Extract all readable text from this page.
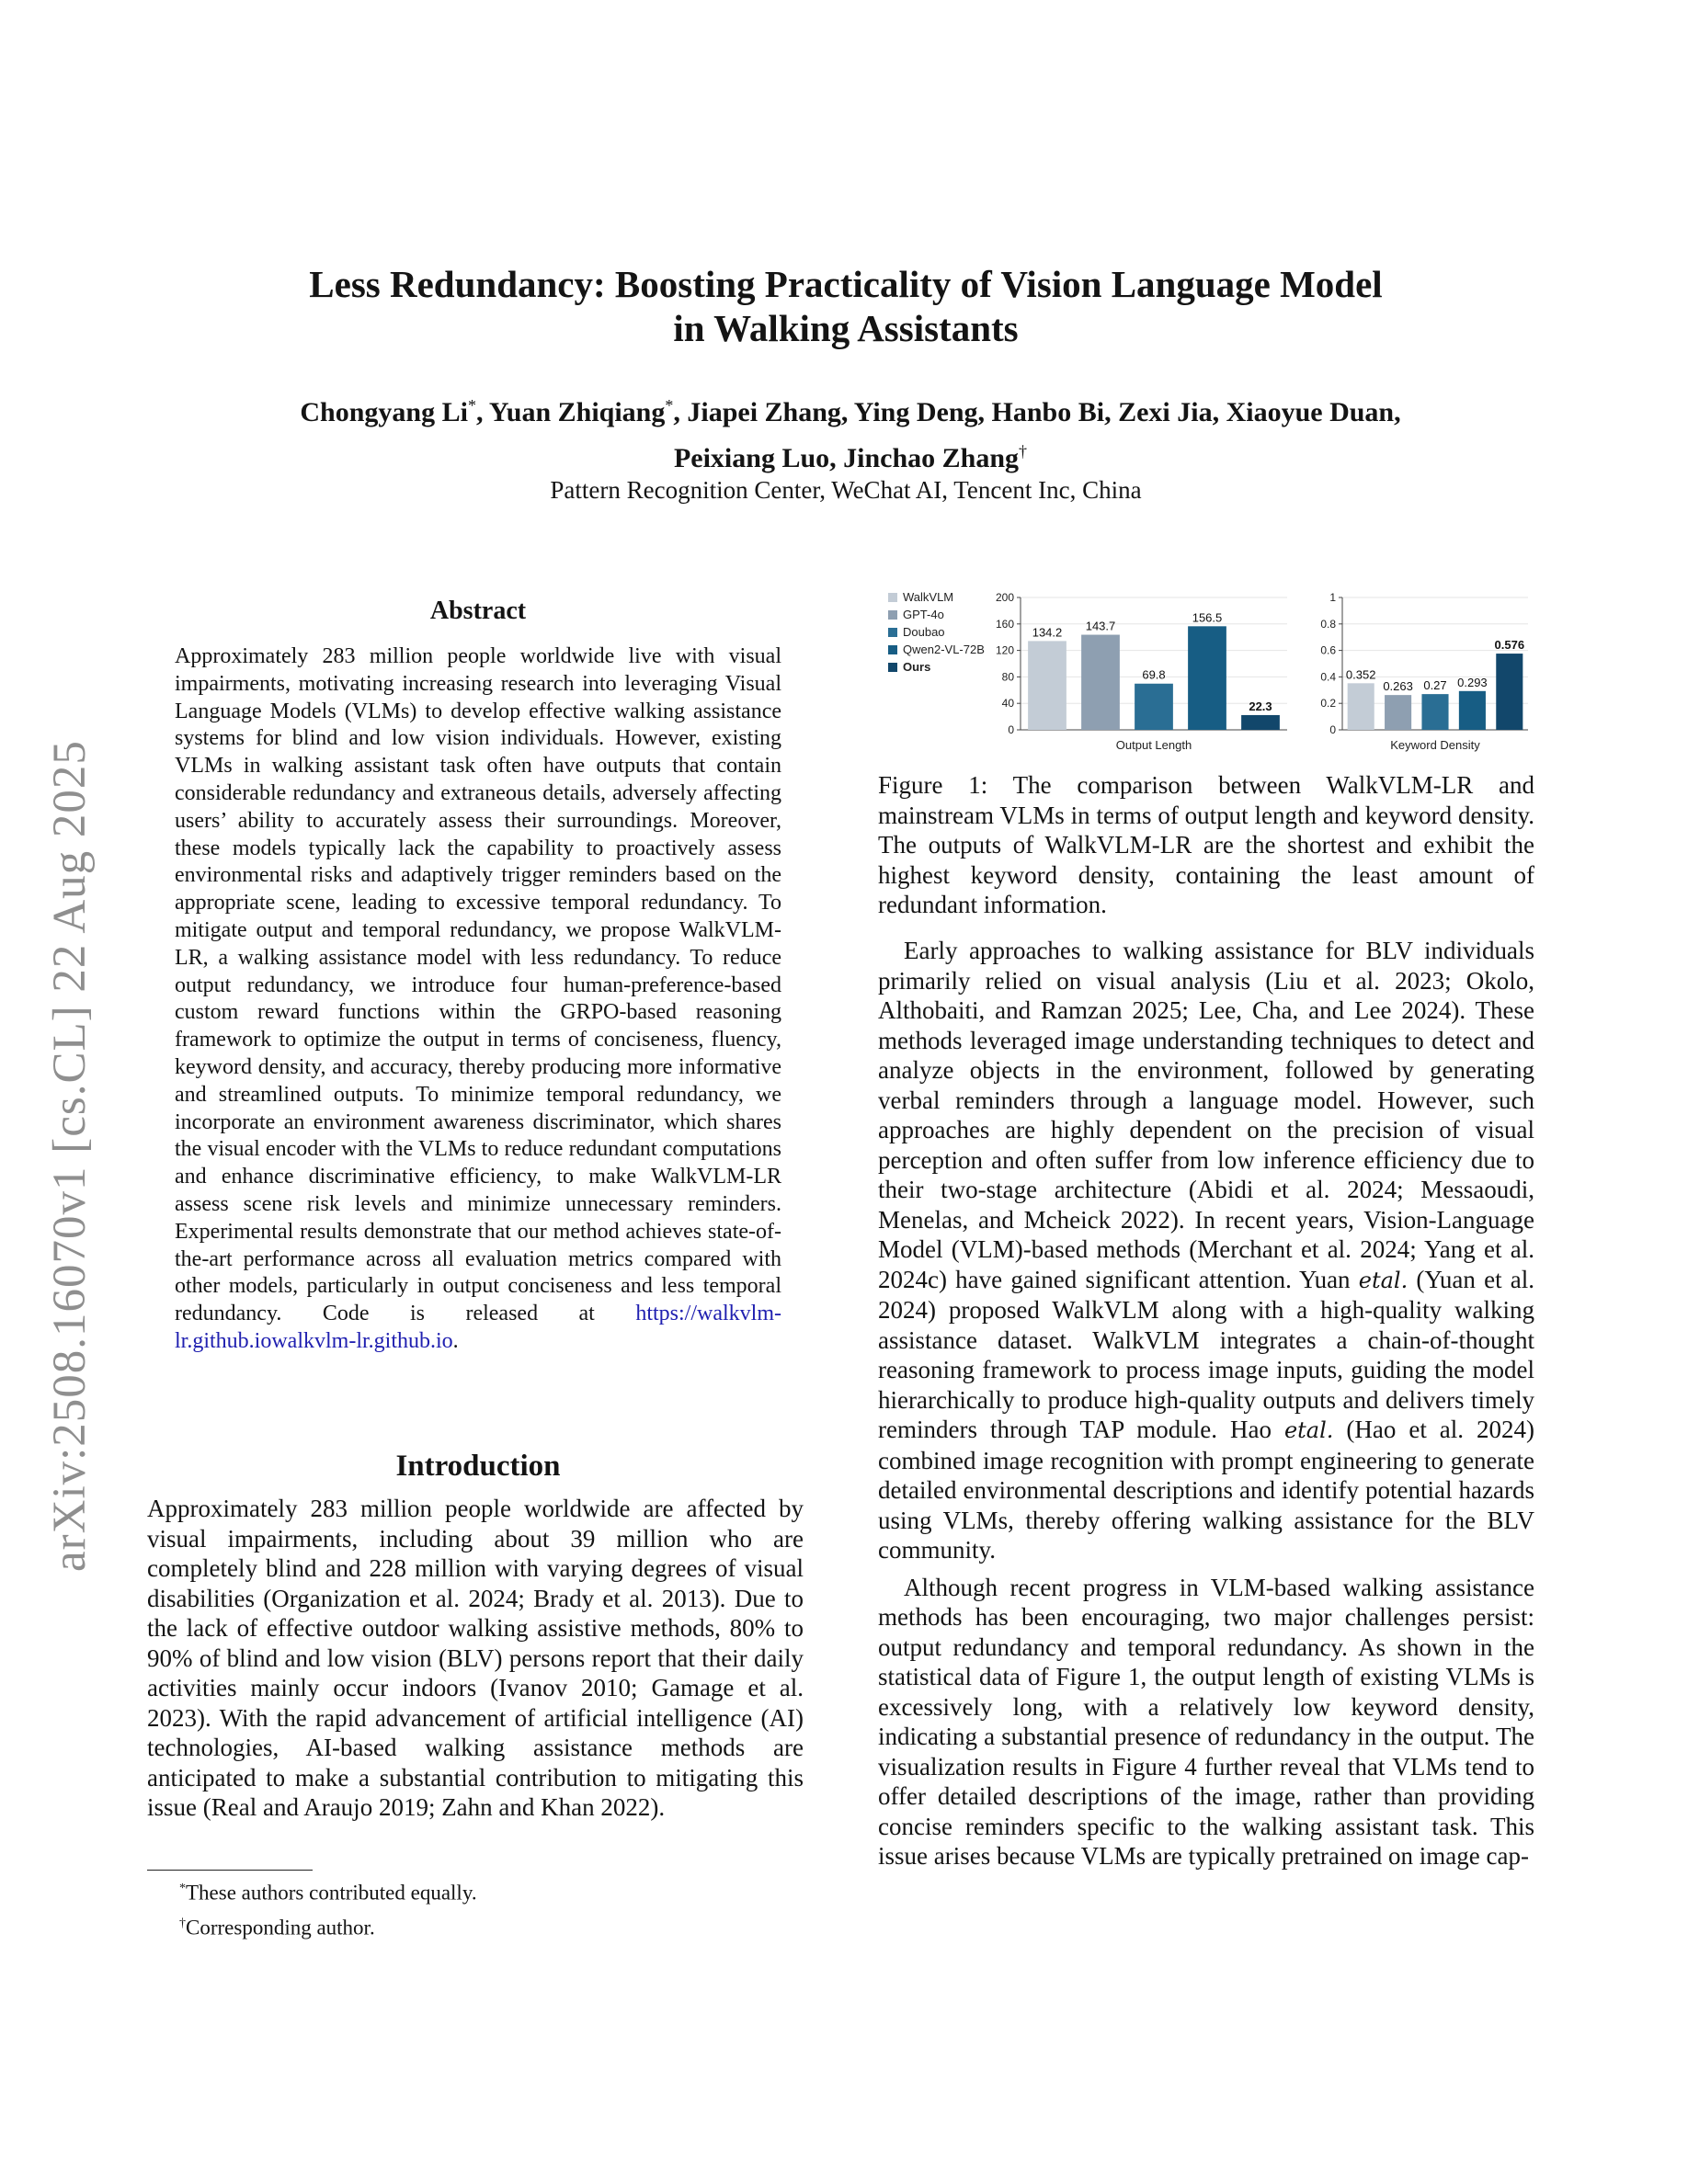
Less Redundancy: Boosting Practicality of Vision Language Model
in Walking Assistants
Chongyang Li*, Yuan Zhiqiang*, Jiapei Zhang, Ying Deng, Hanbo Bi, Zexi Jia, Xiaoyue Duan,
Peixiang Luo, Jinchao Zhang†
Pattern Recognition Center, WeChat AI, Tencent Inc, China
arXiv:2508.16070v1 [cs.CL] 22 Aug 2025
Abstract
Approximately 283 million people worldwide live with visual impairments, motivating increasing research into leveraging Visual Language Models (VLMs) to develop effective walking assistance systems for blind and low vision individuals. However, existing VLMs in walking assistant task often have outputs that contain considerable redundancy and extraneous details, adversely affecting users’ ability to accurately assess their surroundings. Moreover, these models typically lack the capability to proactively assess environmental risks and adaptively trigger reminders based on the appropriate scene, leading to excessive temporal redundancy. To mitigate output and temporal redundancy, we propose WalkVLM-LR, a walking assistance model with less redundancy. To reduce output redundancy, we introduce four human-preference-based custom reward functions within the GRPO-based reasoning framework to optimize the output in terms of conciseness, fluency, keyword density, and accuracy, thereby producing more informative and streamlined outputs. To minimize temporal redundancy, we incorporate an environment awareness discriminator, which shares the visual encoder with the VLMs to reduce redundant computations and enhance discriminative efficiency, to make WalkVLM-LR assess scene risk levels and minimize unnecessary reminders. Experimental results demonstrate that our method achieves state-of-the-art performance across all evaluation metrics compared with other models, particularly in output conciseness and less temporal redundancy. Code is released at https://walkvlm-lr.github.iowalkvlm-lr.github.io.
Introduction
Approximately 283 million people worldwide are affected by visual impairments, including about 39 million who are completely blind and 228 million with varying degrees of visual disabilities (Organization et al. 2024; Brady et al. 2013). Due to the lack of effective outdoor walking assistive methods, 80% to 90% of blind and low vision (BLV) persons report that their daily activities mainly occur indoors (Ivanov 2010; Gamage et al. 2023). With the rapid advancement of artificial intelligence (AI) technologies, AI-based walking assistance methods are anticipated to make a substantial contribution to mitigating this issue (Real and Araujo 2019; Zahn and Khan 2022).
*These authors contributed equally.
†Corresponding author.
WalkVLM
GPT-4o
Doubao
Qwen2-VL-72B
Ours
0
40
80
120
160
200
134.2 143.7
69.8
156.5
22.3
Output Length
0
0.2
0.4
0.6
0.8
1
0.352
0.263 0.27 0.293
0.576
Keyword Density
Figure 1: The comparison between WalkVLM-LR and mainstream VLMs in terms of output length and keyword density. The outputs of WalkVLM-LR are the shortest and exhibit the highest keyword density, containing the least amount of redundant information.

Early approaches to walking assistance for BLV individuals primarily relied on visual analysis (Liu et al. 2023; Okolo, Althobaiti, and Ramzan 2025; Lee, Cha, and Lee 2024). These methods leveraged image understanding techniques to detect and analyze objects in the environment, followed by generating verbal reminders through a language model. However, such approaches are highly dependent on the precision of visual perception and often suffer from low inference efficiency due to their two-stage architecture (Abidi et al. 2024; Messaoudi, Menelas, and Mcheick 2022). In recent years, Vision-Language Model (VLM)-based methods (Merchant et al. 2024; Yang et al. 2024c) have gained significant attention. Yuan etal. (Yuan et al. 2024) proposed WalkVLM along with a high-quality walking assistance dataset. WalkVLM integrates a chain-of-thought reasoning framework to process image inputs, guiding the model hierarchically to produce high-quality outputs and delivers timely reminders through TAP module. Hao etal. (Hao et al. 2024) combined image recognition with prompt engineering to generate detailed environmental descriptions and identify potential hazards using VLMs, thereby offering walking assistance for the BLV community.

Although recent progress in VLM-based walking assistance methods has been encouraging, two major challenges persist: output redundancy and temporal redundancy. As shown in the statistical data of Figure 1, the output length of existing VLMs is excessively long, with a relatively low keyword density, indicating a substantial presence of redundancy in the output. The visualization results in Figure 4 further reveal that VLMs tend to offer detailed descriptions of the image, rather than providing concise reminders specific to the walking assistant task. This issue arises because VLMs are typically pretrained on image cap-
